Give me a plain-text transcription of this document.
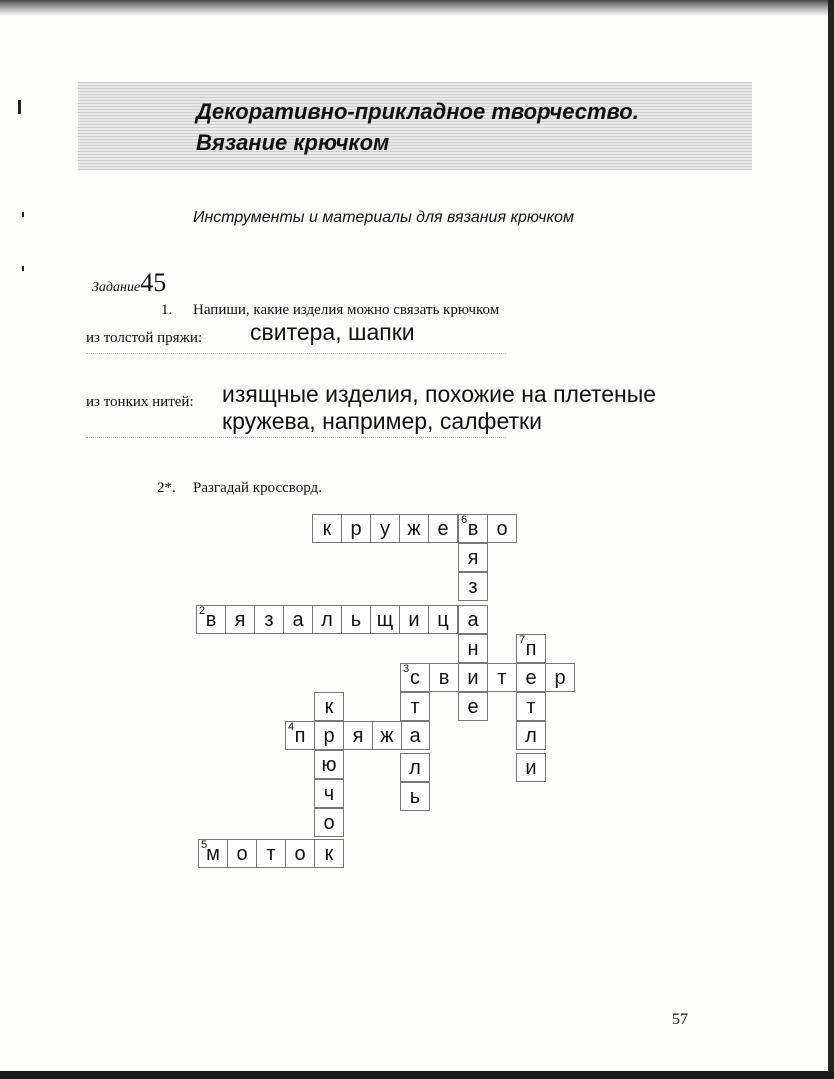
Декоративно-прикладное творчество.
Вязание крючком
Инструменты и материалы для вязания крючком
Задание45
1. Напиши, какие изделия можно связать крючком
из толстой пряжи: свитера, шапки
из тонких нитей: изящные изделия, похожие на плетеные
кружева, например, салфетки
2*. Разгадай кроссворд.
к р у ж е	6 в о
я
з
а
н
и
е
2 в я з а л ь щ и ц
3 с в	т е р
7 п
т
л
и
т
а
л
ь
к
4 п р я ж
ю
ч
о
5 м о т о к
57
